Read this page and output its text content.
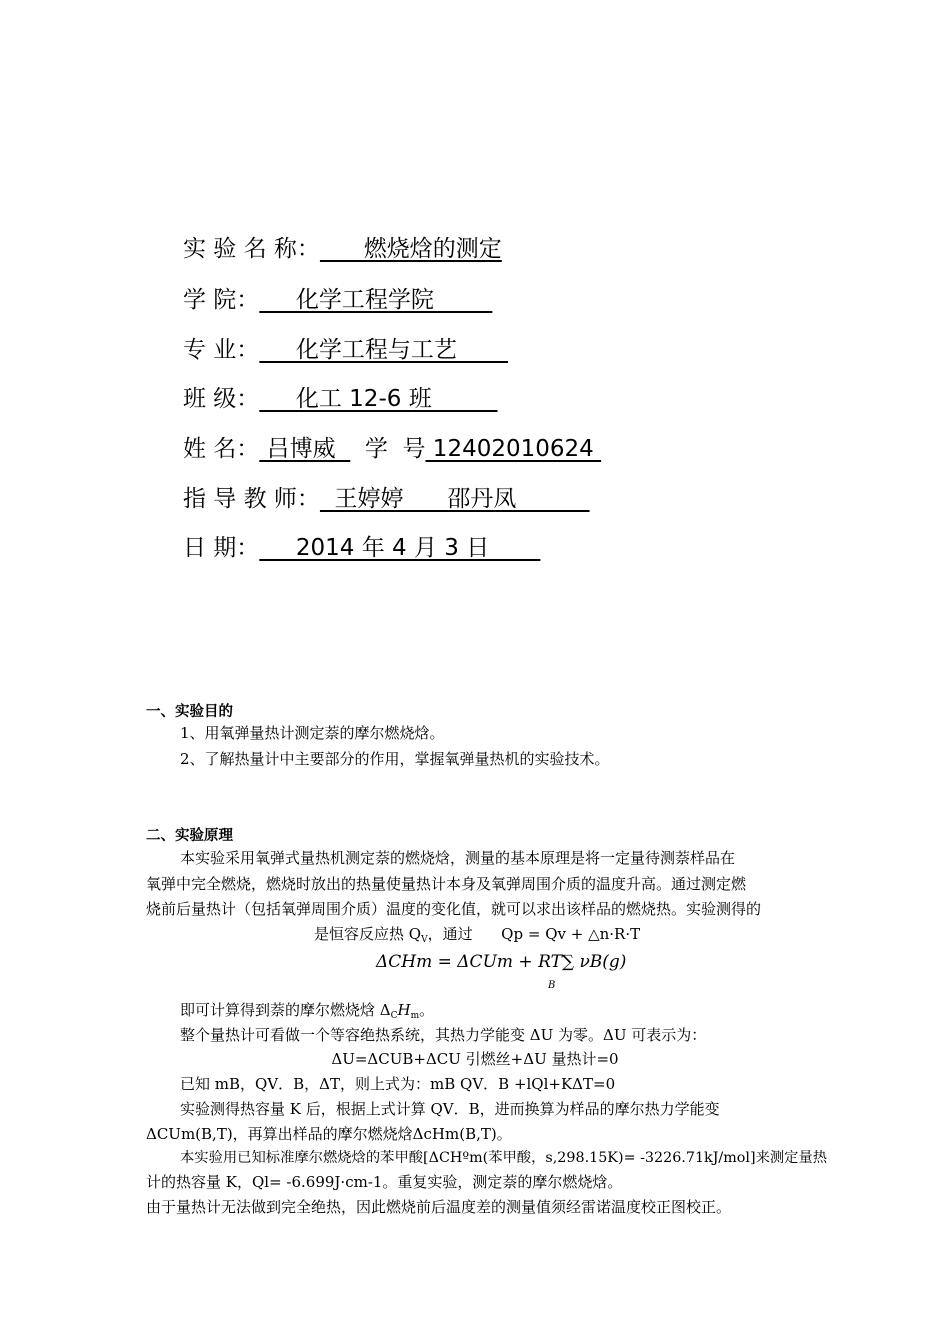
实 验 名 称：      燃烧焓的测定
学 院：     化学工程学院
专 业：     化学工程与工艺
班 级：     化工 12-6 班
姓 名： 吕博威    学  号 12402010624
指 导 教 师：  王婷婷      邵丹凤
日 期：     2014 年 4 月 3 日
一、实验目的
1、用氧弹量热计测定萘的摩尔燃烧焓。
2、了解热量计中主要部分的作用，掌握氧弹量热机的实验技术。
二、实验原理
本实验采用氧弹式量热机测定萘的燃烧焓，测量的基本原理是将一定量待测萘样品在
氧弹中完全燃烧，燃烧时放出的热量使量热计本身及氧弹周围介质的温度升高。通过测定燃
烧前后量热计（包括氧弹周围介质）温度的变化值，就可以求出该样品的燃烧热。实验测得的
是恒容反应热 $Q_V$，通过      Qp = Qv + △n·R·T
ΔCHm = ΔCUm + RT∑ νB(g)
B
即可计算得到萘的摩尔燃烧焓 $\Delta_CH_m$。
整个量热计可看做一个等容绝热系统，其热力学能变 ΔU 为零。ΔU 可表示为：
ΔU=ΔCUB+ΔCU 引燃丝+ΔU 量热计=0
已知 mB，QV．B，ΔT，则上式为：mB QV．B +lQl+KΔT=0
实验测得热容量 K 后，根据上式计算 QV．B，进而换算为样品的摩尔热力学能变
ΔCUm(B,T)，再算出样品的摩尔燃烧焓ΔcHm(B,T)。
本实验用已知标准摩尔燃烧焓的苯甲酸[ΔCHºm(苯甲酸，s,298.15K)= -3226.71kJ/mol]来测定量热
计的热容量 K，Ql= -6.699J·cm-1。重复实验，测定萘的摩尔燃烧焓。
由于量热计无法做到完全绝热，因此燃烧前后温度差的测量值须经雷诺温度校正图校正。
